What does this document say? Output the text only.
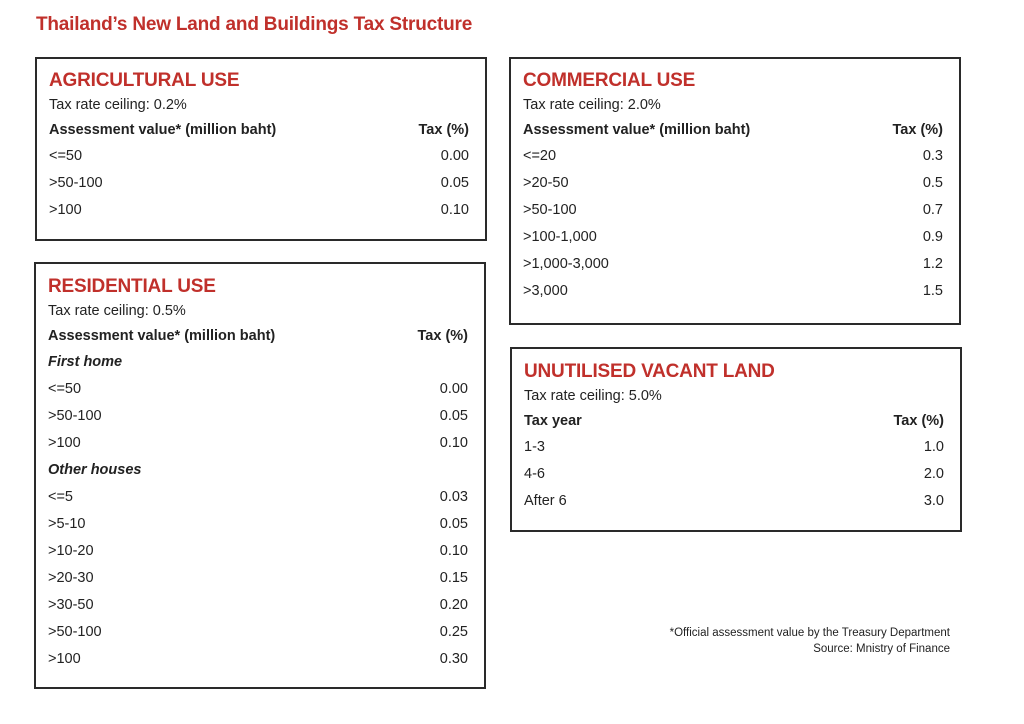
Thailand’s New Land and Buildings Tax Structure
AGRICULTURAL USE
Tax rate ceiling: 0.2%
Assessment value* (million baht)	Tax (%)
<=50	0.00
>50-100	0.05
>100	0.10
COMMERCIAL USE
Tax rate ceiling: 2.0%
Assessment value* (million baht)	Tax (%)
<=20	0.3
>20-50	0.5
>50-100	0.7
>100-1,000	0.9
>1,000-3,000	1.2
>3,000	1.5
RESIDENTIAL USE
Tax rate ceiling: 0.5%
Assessment value* (million baht)	Tax (%)
First home
<=50	0.00
>50-100	0.05
>100	0.10
Other houses
<=5	0.03
>5-10	0.05
>10-20	0.10
>20-30	0.15
>30-50	0.20
>50-100	0.25
>100	0.30
UNUTILISED VACANT LAND
Tax rate ceiling: 5.0%
Tax year	Tax (%)
1-3	1.0
4-6	2.0
After 6	3.0
*Official assessment value by the Treasury Department
Source: Mnistry of Finance
